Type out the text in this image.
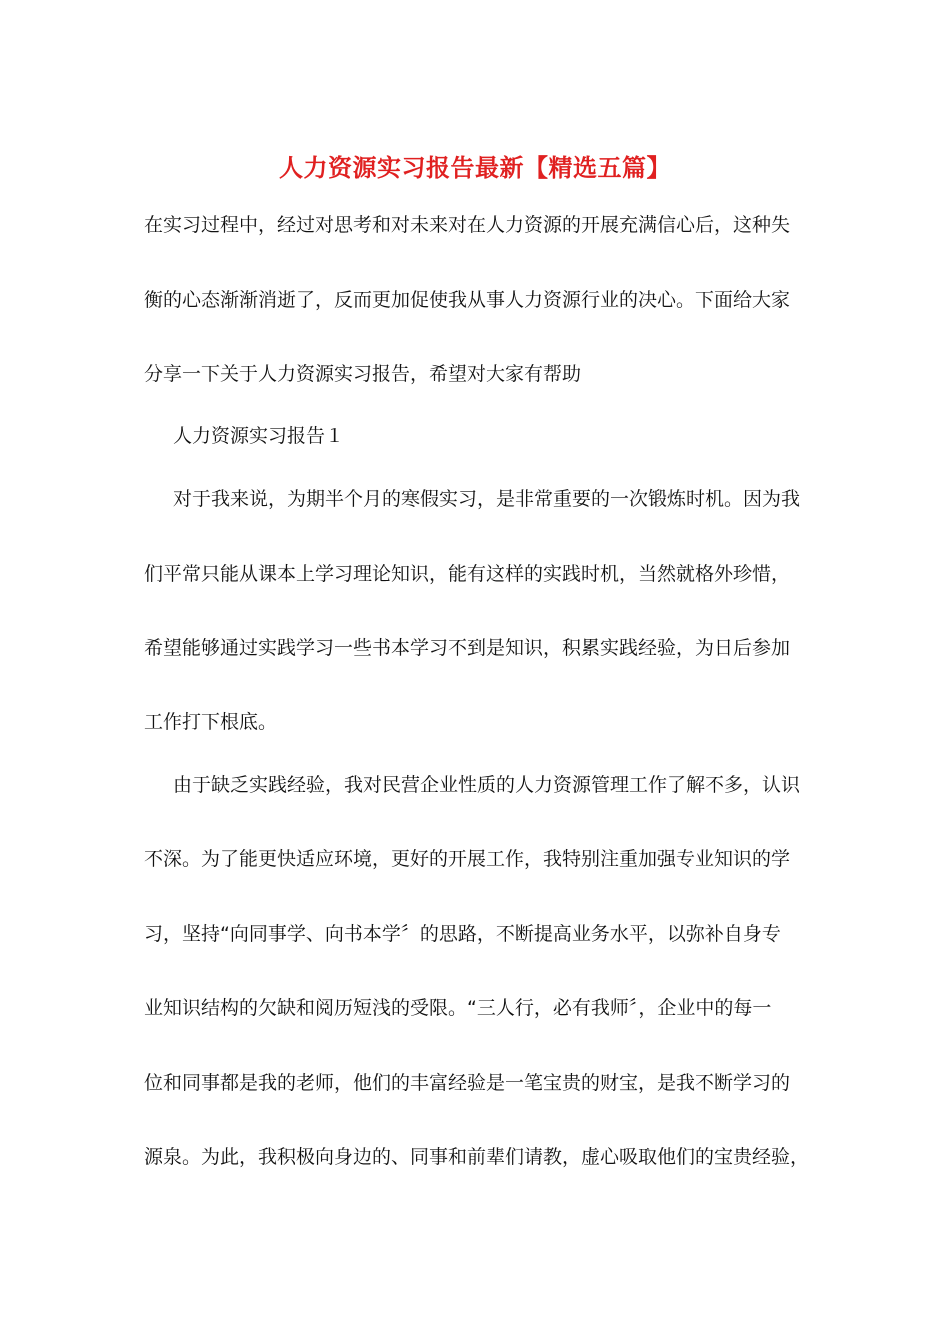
人力资源实习报告最新【精选五篇】
在实习过程中，经过对思考和对未来对在人力资源的开展充满信心后，这种失
衡的心态渐渐消逝了，反而更加促使我从事人力资源行业的决心。下面给大家
分享一下关于人力资源实习报告，希望对大家有帮助
人力资源实习报告１
对于我来说，为期半个月的寒假实习，是非常重要的一次锻炼时机。因为我
们平常只能从课本上学习理论知识，能有这样的实践时机，当然就格外珍惜，
希望能够通过实践学习一些书本学习不到是知识，积累实践经验，为日后参加
工作打下根底。
由于缺乏实践经验，我对民营企业性质的人力资源管理工作了解不多，认识
不深。为了能更快适应环境，更好的开展工作，我特别注重加强专业知识的学
习，坚持“向同事学、向书本学〞的思路，不断提高业务水平，以弥补自身专
业知识结构的欠缺和阅历短浅的受限。“三人行，必有我师〞，企业中的每一
位和同事都是我的老师，他们的丰富经验是一笔宝贵的财宝，是我不断学习的
源泉。为此，我积极向身边的、同事和前辈们请教，虚心吸取他们的宝贵经验，
